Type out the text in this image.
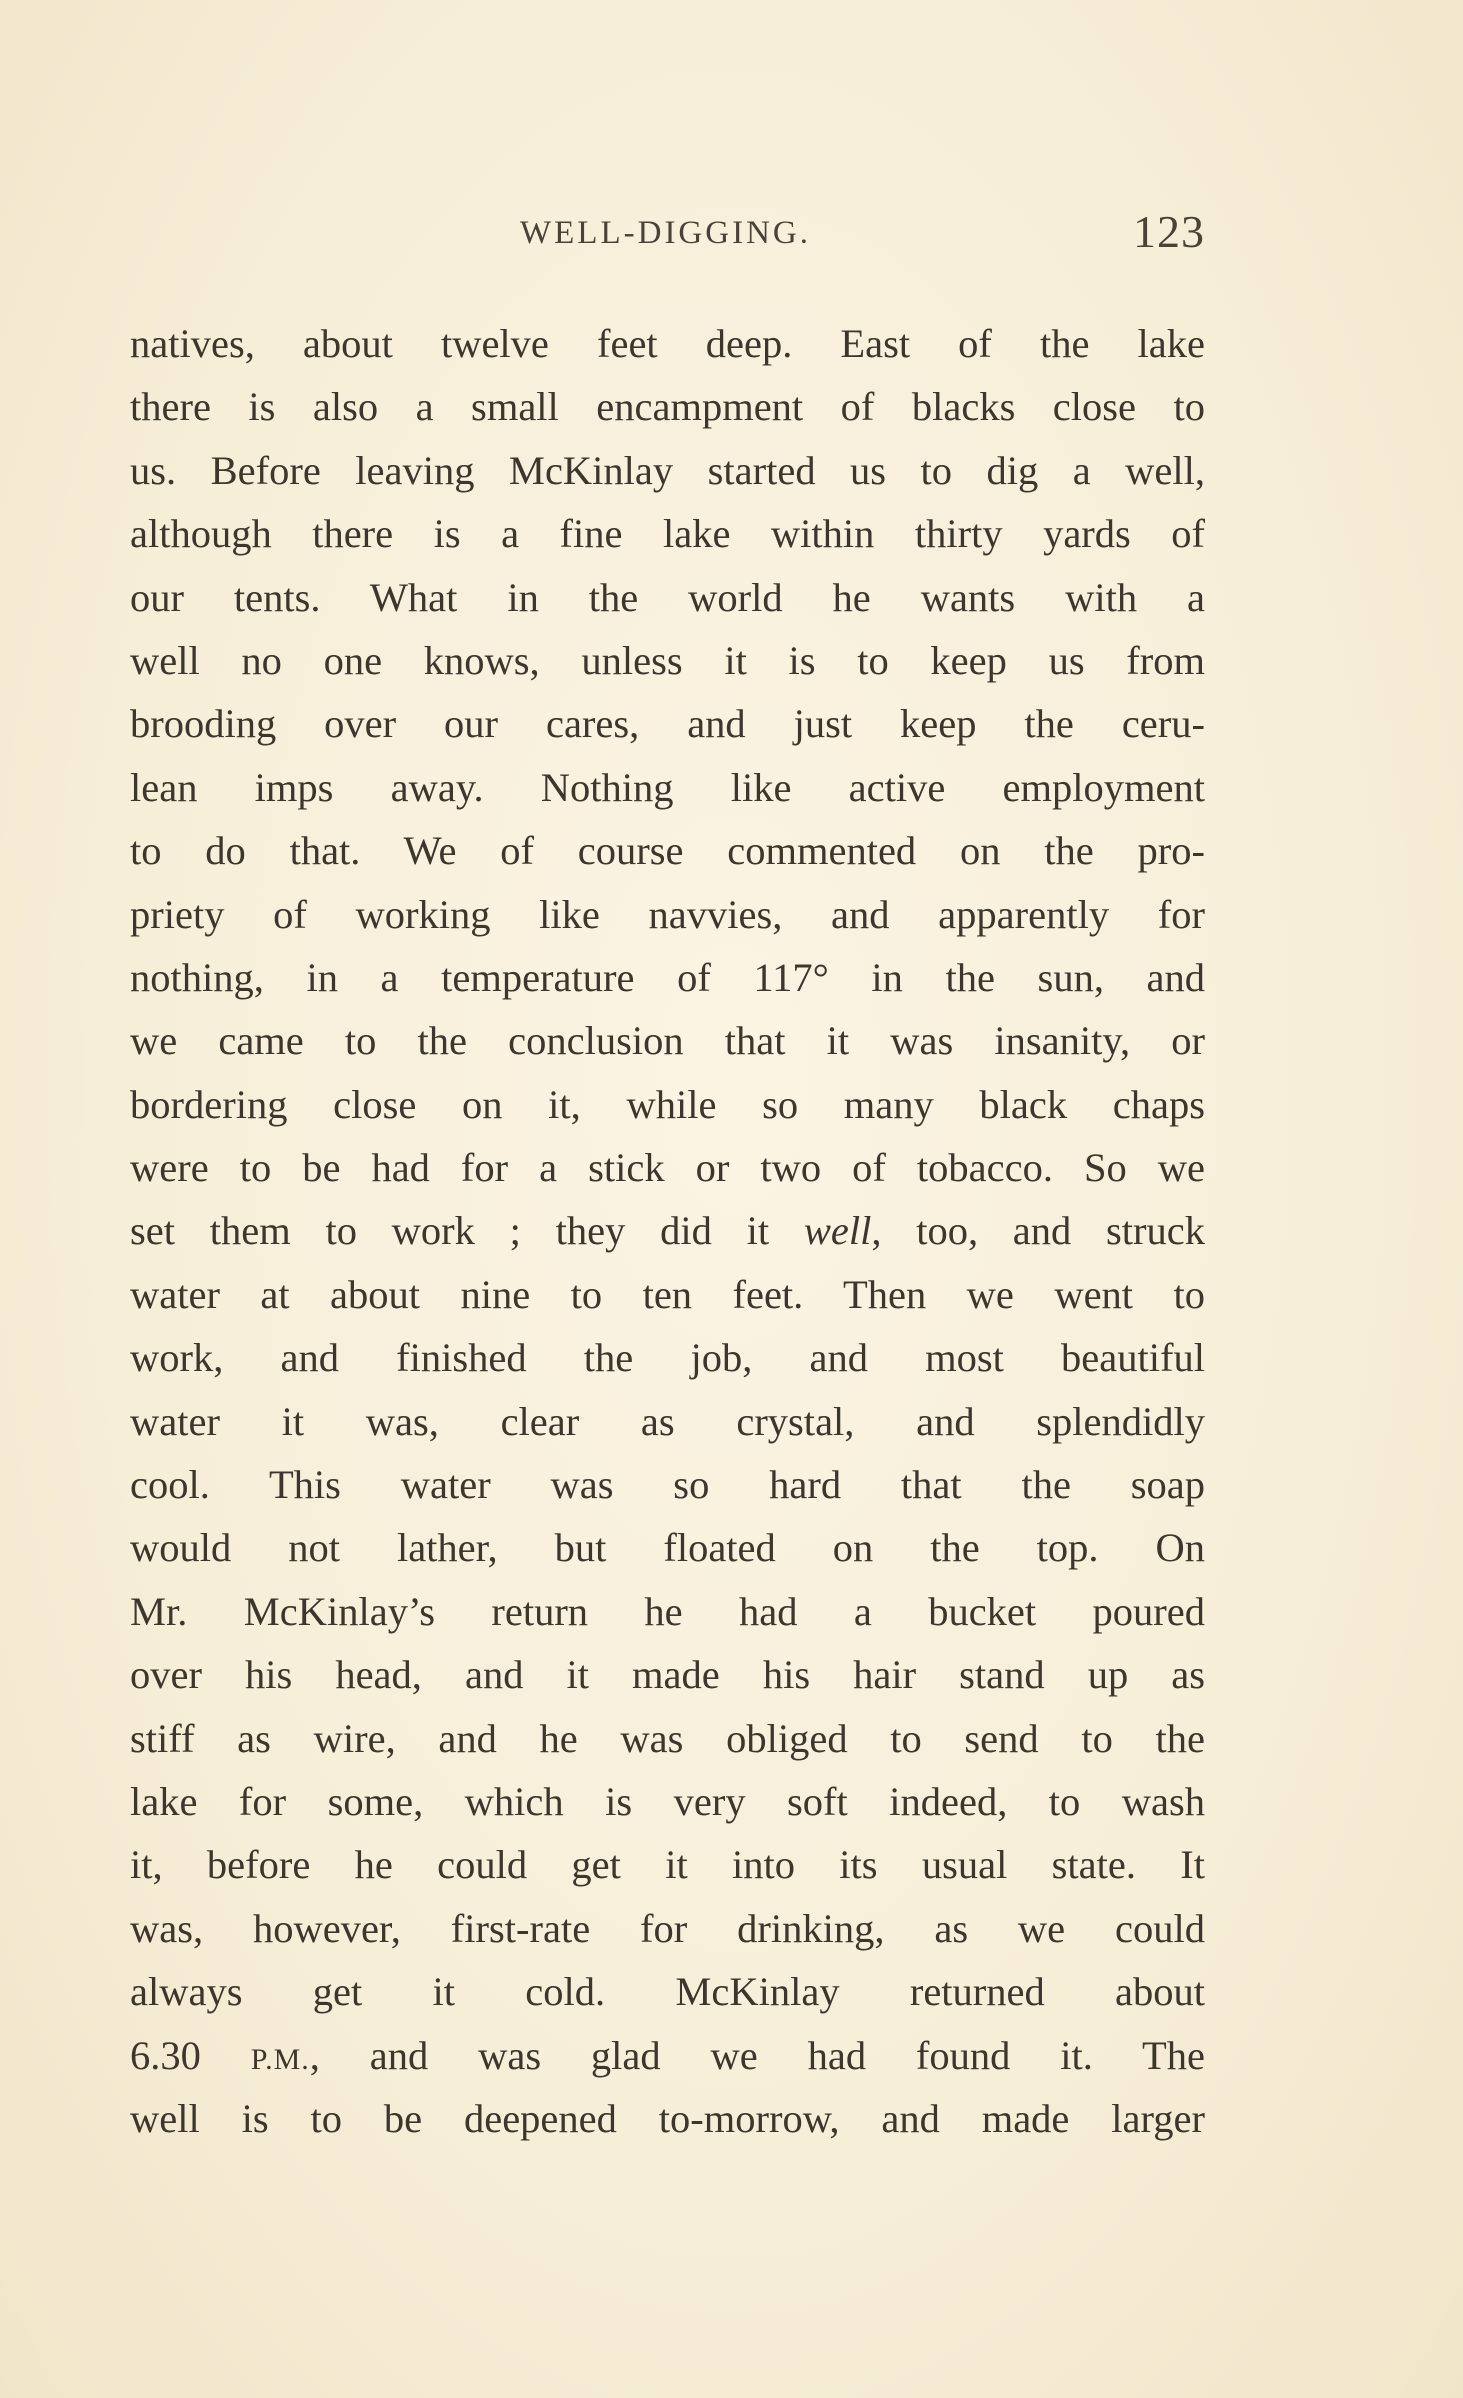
WELL-DIGGING.	123
natives, about twelve feet deep. East of the lake
there is also a small encampment of blacks close to
us. Before leaving McKinlay started us to dig a well,
although there is a fine lake within thirty yards of
our tents. What in the world he wants with a
well no one knows, unless it is to keep us from
brooding over our cares, and just keep the ceru-
lean imps away. Nothing like active employment
to do that. We of course commented on the pro-
priety of working like navvies, and apparently for
nothing, in a temperature of 117° in the sun, and
we came to the conclusion that it was insanity, or
bordering close on it, while so many black chaps
were to be had for a stick or two of tobacco. So we
set them to work ; they did it well, too, and struck
water at about nine to ten feet. Then we went to
work, and finished the job, and most beautiful
water it was, clear as crystal, and splendidly
cool. This water was so hard that the soap
would not lather, but floated on the top. On
Mr. McKinlay’s return he had a bucket poured
over his head, and it made his hair stand up as
stiff as wire, and he was obliged to send to the
lake for some, which is very soft indeed, to wash
it, before he could get it into its usual state. It
was, however, first-rate for drinking, as we could
always get it cold. McKinlay returned about
6.30 P.M., and was glad we had found it. The
well is to be deepened to-morrow, and made larger
